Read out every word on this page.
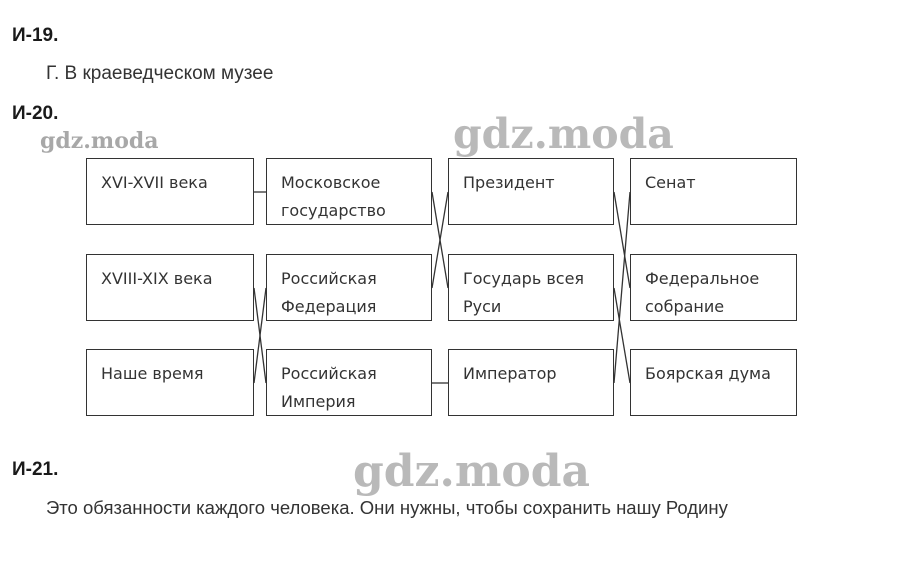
И-19.
Г. В краеведческом музее
И-20.
gdz.moda	gdz.moda
XVI-XVII века
XVIII-XIX века
Наше время
Московское
государство
Российская
Федерация
Российская
Империя
Президент
Государь всея
Руси
Император
Сенат
Федеральное
собрание
Боярская дума
И-21.	gdz.moda
Это обязанности каждого человека. Они нужны, чтобы сохранить нашу Родину
